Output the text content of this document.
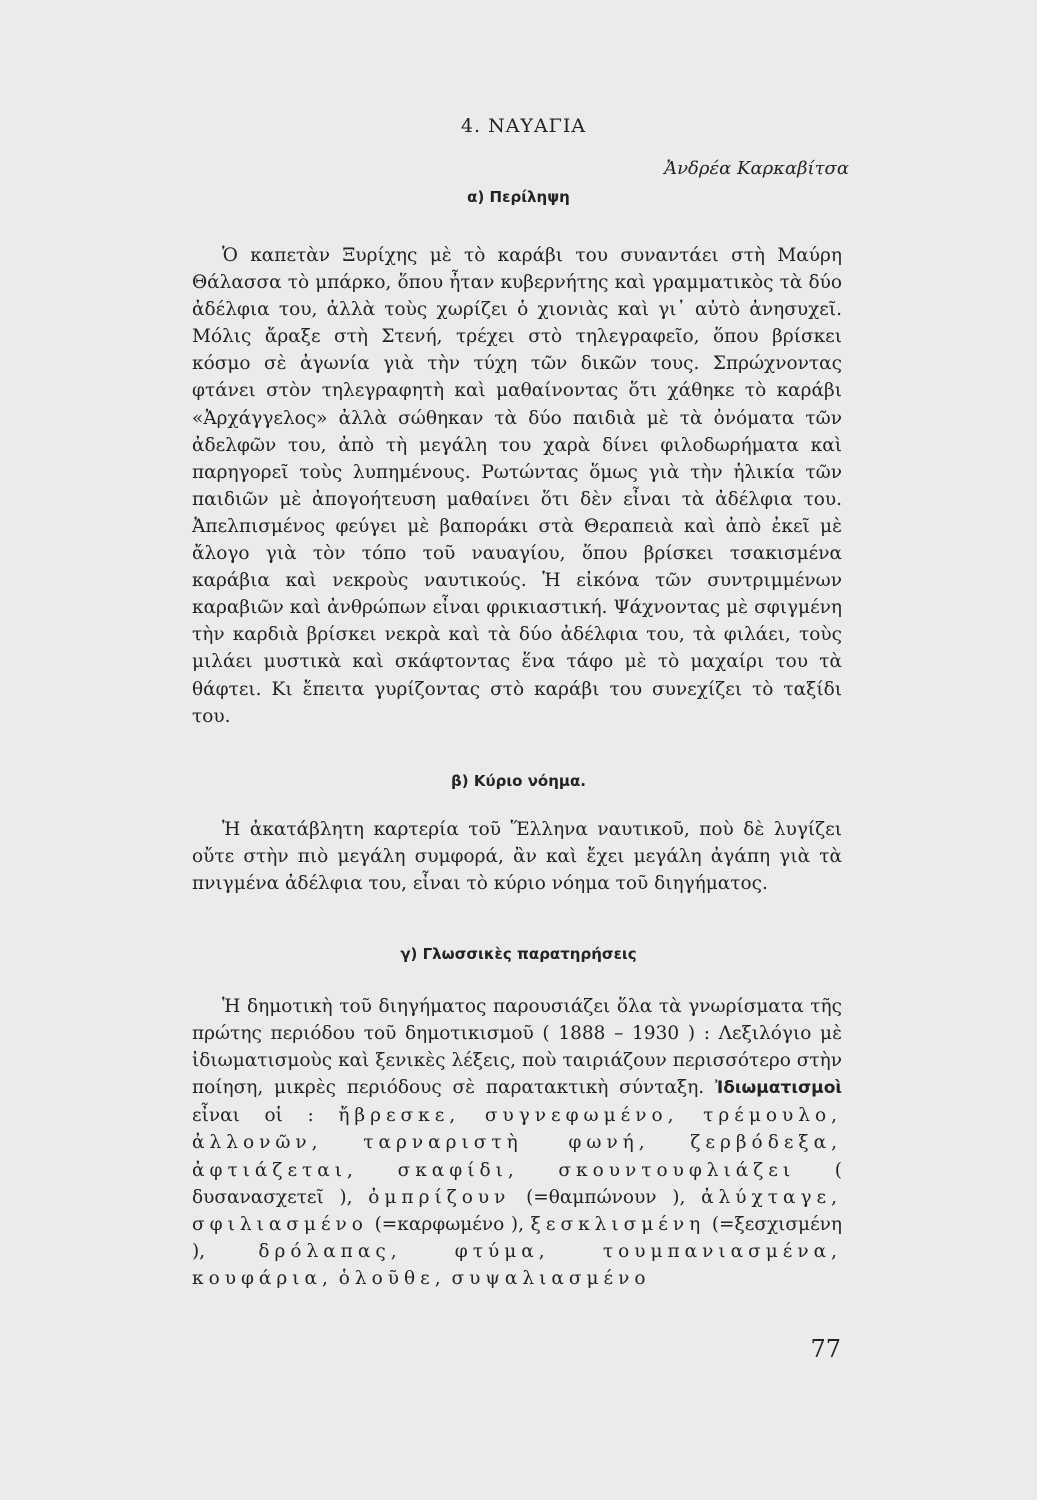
4. ΝΑΥΑΓΙΑ
Ἀνδρέα Καρκαβίτσα
α) Περίληψη

Ὁ καπετὰν Ξυρίχης μὲ τὸ καράβι του συναντάει στὴ Μαύρη Θάλασσα τὸ μπάρκο, ὅπου ἦταν κυβερνήτης καὶ γραμματικὸς τὰ δύο ἀδέλφια του, ἀλλὰ τοὺς χωρίζει ὁ χιονιὰς καὶ γι᾿ αὐτὸ ἀνησυχεῖ. Μόλις ἄραξε στὴ Στενή, τρέχει στὸ τηλεγραφεῖο, ὅπου βρίσκει κόσμο σὲ ἀγωνία γιὰ τὴν τύχη τῶν δικῶν τους. Σπρώχνοντας φτάνει στὸν τηλεγραφητὴ καὶ μαθαίνοντας ὅτι χάθηκε τὸ καράβι «Ἀρχάγγελος» ἀλλὰ σώθηκαν τὰ δύο παιδιὰ μὲ τὰ ὀνόματα τῶν ἀδελφῶν του, ἀπὸ τὴ μεγάλη του χαρὰ δίνει φιλοδωρήματα καὶ παρηγορεῖ τοὺς λυπημένους. Ρωτώντας ὅμως γιὰ τὴν ἡλικία τῶν παιδιῶν μὲ ἀπογοήτευση μαθαίνει ὅτι δὲν εἶναι τὰ ἀδέλφια του. Ἀπελπισμένος φεύγει μὲ βαποράκι στὰ Θεραπειὰ καὶ ἀπὸ ἐκεῖ μὲ ἄλογο γιὰ τὸν τόπο τοῦ ναυαγίου, ὅπου βρίσκει τσακισμένα καράβια καὶ νεκροὺς ναυτικούς. Ἡ εἰκόνα τῶν συντριμμένων καραβιῶν καὶ ἀνθρώπων εἶναι φρικιαστική. Ψάχνοντας μὲ σφιγμένη τὴν καρδιὰ βρίσκει νεκρὰ καὶ τὰ δύο ἀδέλφια του, τὰ φιλάει, τοὺς μιλάει μυστικὰ καὶ σκάφτοντας ἕνα τάφο μὲ τὸ μαχαίρι του τὰ θάφτει. Κι ἔπειτα γυρίζοντας στὸ καράβι του συνεχίζει τὸ ταξίδι του.

β) Κύριο νόημα.

Ἡ ἀκατάβλητη καρτερία τοῦ Ἕλληνα ναυτικοῦ, ποὺ δὲ λυγίζει οὔτε στὴν πιὸ μεγάλη συμφορά, ἂν καὶ ἔχει μεγάλη ἀγάπη γιὰ τὰ πνιγμένα ἀδέλφια του, εἶναι τὸ κύριο νόημα τοῦ διηγήματος.

γ) Γλωσσικὲς παρατηρήσεις

Ἡ δημοτικὴ τοῦ διηγήματος παρουσιάζει ὅλα τὰ γνωρίσματα τῆς πρώτης περιόδου τοῦ δημοτικισμοῦ ( 1888 – 1930 ) : Λεξιλόγιο μὲ ἰδιωματισμοὺς καὶ ξενικὲς λέξεις, ποὺ ταιριάζουν περισσότερο στὴν ποίηση, μικρὲς περιόδους σὲ παρατακτικὴ σύνταξη. Ἰδιωματισμοὶ εἶναι οἱ : ἤβρεσκε, συγνεφωμένο, τρέμουλο, ἀλλονῶν, ταρναριστὴ φωνή, ζερβόδεξα, ἀφτιάζεται, σκαφίδι, σκουντουφλιάζει ( δυσανασχετεῖ ), ὀμπρίζουν (=θαμπώνουν ), ἀλύχταγε, σφιλιασμένο (=καρφωμένο ), ξεσκλισμένη (=ξεσχισμένη ),	δρόλαπας,	φτύμα,	τουμπανιασμένα, κουφάρια, ὁλοῦθε, συψαλιασμένο

77
